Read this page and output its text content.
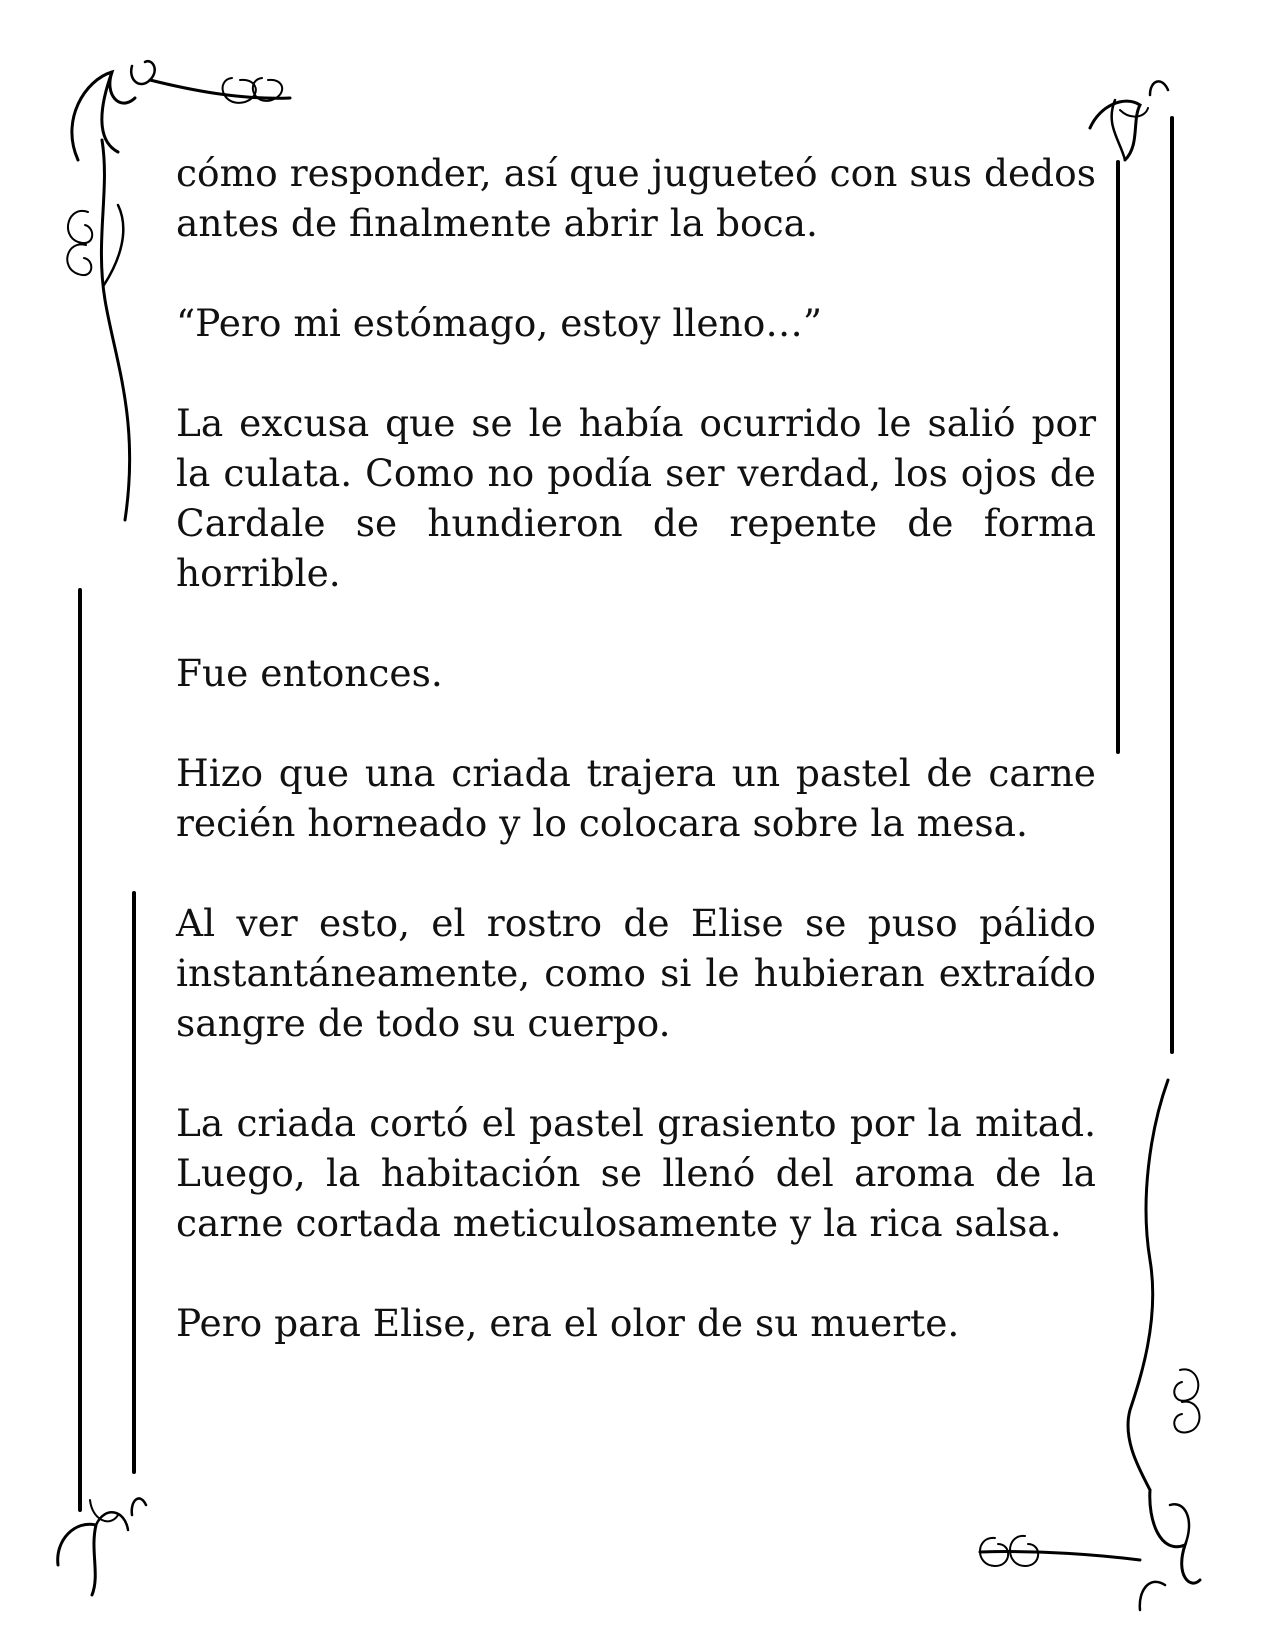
cómo responder, así que jugueteó con sus dedos antes de finalmente abrir la boca.

“Pero mi estómago, estoy lleno…”

La excusa que se le había ocurrido le salió por la culata. Como no podía ser verdad, los ojos de Cardale se hundieron de repente de forma horrible.

Fue entonces.

Hizo que una criada trajera un pastel de carne recién horneado y lo colocara sobre la mesa.

Al ver esto, el rostro de Elise se puso pálido instantáneamente, como si le hubieran extraído sangre de todo su cuerpo.

La criada cortó el pastel grasiento por la mitad. Luego, la habitación se llenó del aroma de la carne cortada meticulosamente y la rica salsa.

Pero para Elise, era el olor de su muerte.
